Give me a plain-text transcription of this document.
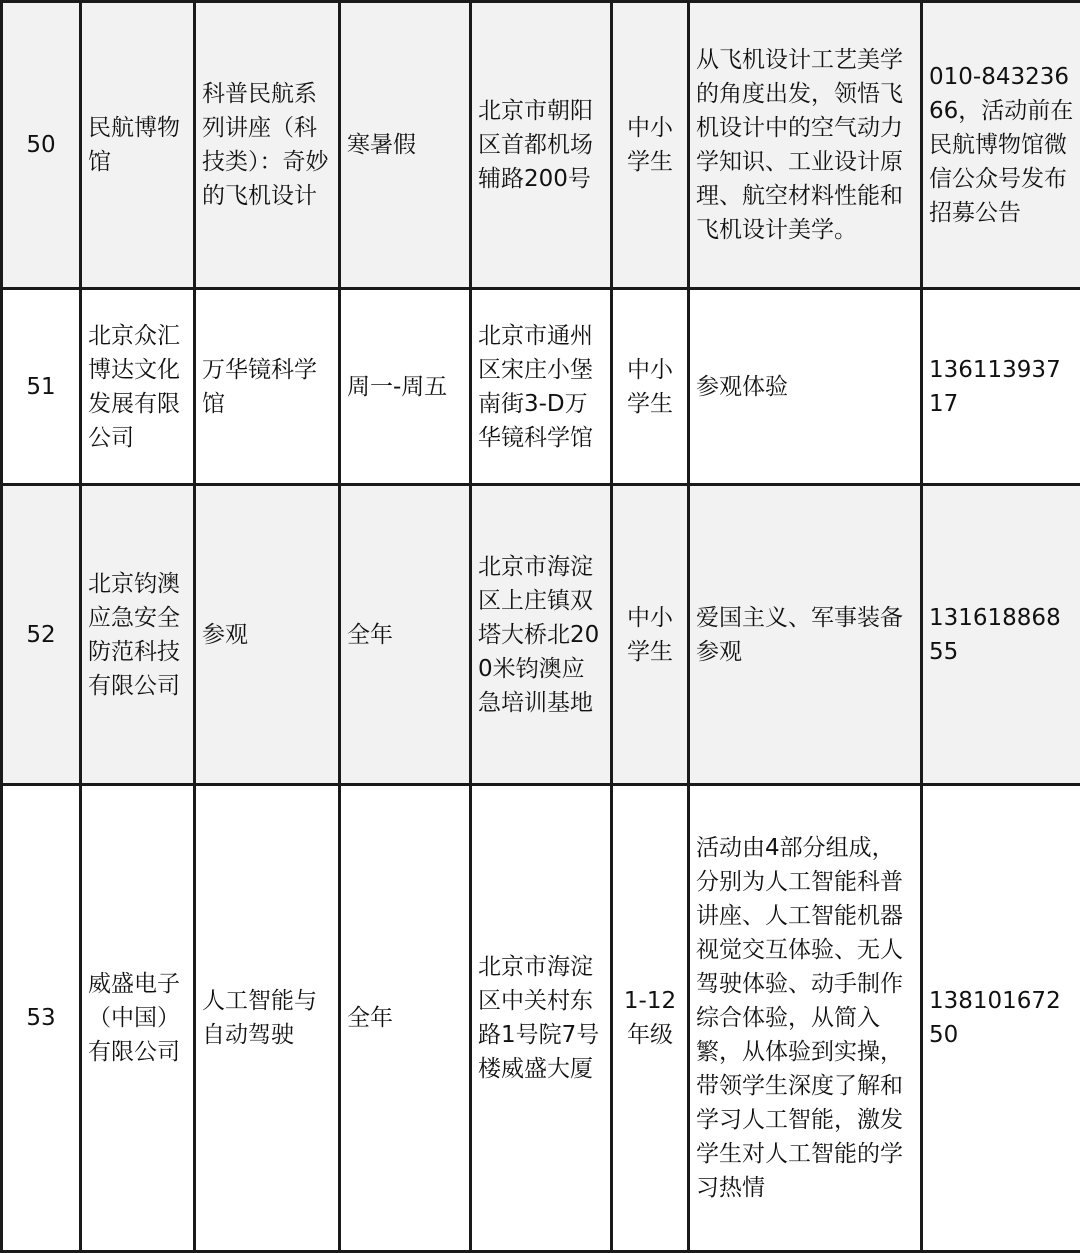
50	民航博物馆	科普民航系列讲座（科技类）：奇妙的飞机设计	寒暑假	北京市朝阳区首都机场辅路200号	中小学生	从飞机设计工艺美学的角度出发，领悟飞机设计中的空气动力学知识、工业设计原理、航空材料性能和飞机设计美学。	010-84323666，活动前在民航博物馆微信公众号发布招募公告
51	北京众汇博达文化发展有限公司	万华镜科学馆	周一-周五	北京市通州区宋庄小堡南街3-D万华镜科学馆	中小学生	参观体验	13611393717
52	北京钧澳应急安全防范科技有限公司	参观	全年	北京市海淀区上庄镇双塔大桥北200米钧澳应急培训基地	中小学生	爱国主义、军事装备参观	13161886855
53	威盛电子（中国）有限公司	人工智能与自动驾驶	全年	北京市海淀区中关村东路1号院7号楼威盛大厦	1-12年级	活动由4部分组成，分别为人工智能科普讲座、人工智能机器视觉交互体验、无人驾驶体验、动手制作综合体验，从简入繁，从体验到实操，带领学生深度了解和学习人工智能，激发学生对人工智能的学习热情	13810167250
